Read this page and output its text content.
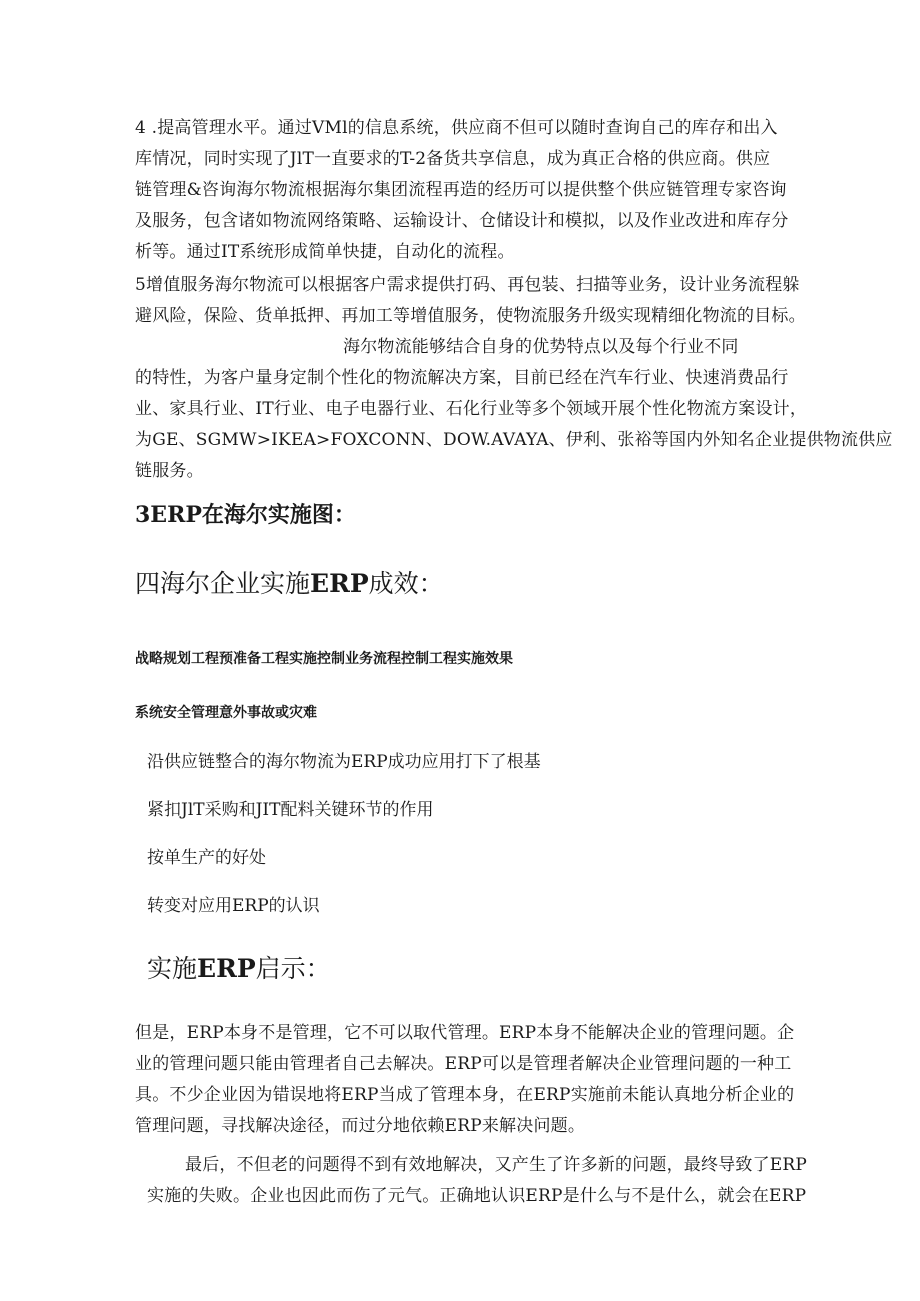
4 .提高管理水平。通过VMl的信息系统，供应商不但可以随时查询自己的库存和出入
库情况，同时实现了JlT一直要求的T-2备货共享信息，成为真正合格的供应商。供应
链管理&咨询海尔物流根据海尔集团流程再造的经历可以提供整个供应链管理专家咨询
及服务，包含诸如物流网络策略、运输设计、仓储设计和模拟，以及作业改进和库存分
析等。通过IT系统形成简单快捷，自动化的流程。
5增值服务海尔物流可以根据客户需求提供打码、再包装、扫描等业务，设计业务流程躲
避风险，保险、货单抵押、再加工等增值服务，使物流服务升级实现精细化物流的目标。
海尔物流能够结合自身的优势特点以及每个行业不同
的特性，为客户量身定制个性化的物流解决方案，目前已经在汽车行业、快速消费品行
业、家具行业、IT行业、电子电器行业、石化行业等多个领域开展个性化物流方案设计，
为GE、SGMW>IKEA>FOXCONN、DOW.AVAYA、伊利、张裕等国内外知名企业提供物流供应
链服务。
3ERP在海尔实施图：
四海尔企业实施ERP成效：
战略规划工程预准备工程实施控制业务流程控制工程实施效果
系统安全管理意外事故或灾难
沿供应链整合的海尔物流为ERP成功应用打下了根基
紧扣JlT采购和JIT配料关键环节的作用
按单生产的好处
转变对应用ERP的认识
实施ERP启示：
但是，ERP本身不是管理，它不可以取代管理。ERP本身不能解决企业的管理问题。企
业的管理问题只能由管理者自己去解决。ERP可以是管理者解决企业管理问题的一种工
具。不少企业因为错误地将ERP当成了管理本身，在ERP实施前未能认真地分析企业的
管理问题，寻找解决途径，而过分地依赖ERP来解决问题。
最后，不但老的问题得不到有效地解决，又产生了许多新的问题，最终导致了ERP
实施的失败。企业也因此而伤了元气。正确地认识ERP是什么与不是什么，就会在ERP
